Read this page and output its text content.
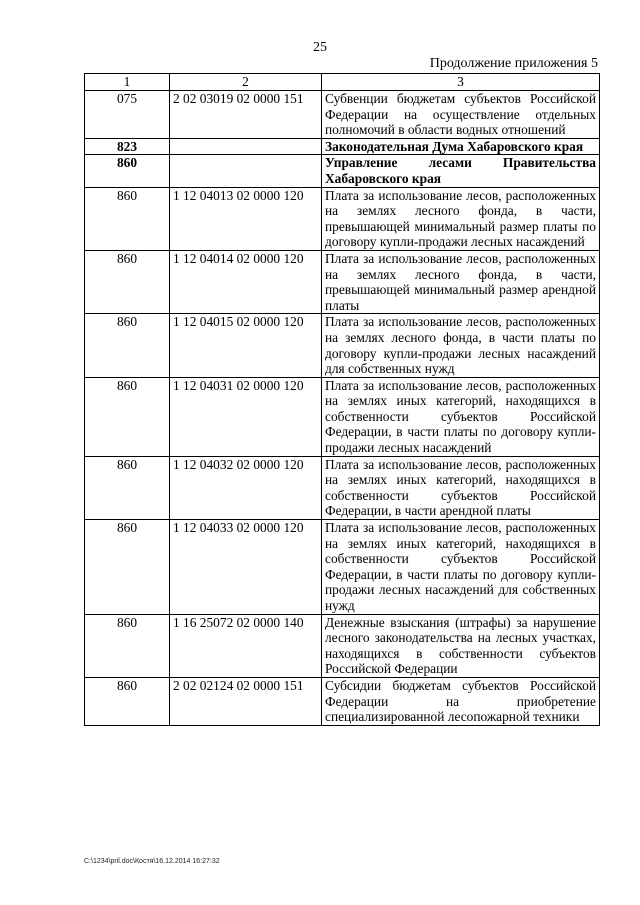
25
Продолжение приложения 5
1	2	3
075	2 02 03019 02 0000 151	Субвенции бюджетам субъектов Российской Федерации на осуществление отдельных полномочий в области водных отношений
823		Законодательная Дума Хабаровского края
860		Управление лесами Правительства Хабаровского края
860	1 12 04013 02 0000 120	Плата за использование лесов, расположенных на землях лесного фонда, в части, превышающей минимальный размер платы по договору купли-продажи лесных насаждений
860	1 12 04014 02 0000 120	Плата за использование лесов, расположенных на землях лесного фонда, в части, превышающей минимальный размер арендной платы
860	1 12 04015 02 0000 120	Плата за использование лесов, расположенных на землях лесного фонда, в части платы по договору купли-продажи лесных насаждений для собственных нужд
860	1 12 04031 02 0000 120	Плата за использование лесов, расположенных на землях иных категорий, находящихся в собственности субъектов Российской Федерации, в части платы по договору купли-продажи лесных насаждений
860	1 12 04032 02 0000 120	Плата за использование лесов, расположенных на землях иных категорий, находящихся в собственности субъектов Российской Федерации, в части арендной платы
860	1 12 04033 02 0000 120	Плата за использование лесов, расположенных на землях иных категорий, находящихся в собственности субъектов Российской Федерации, в части платы по договору купли-продажи лесных насаждений для собственных нужд
860	1 16 25072 02 0000 140	Денежные взыскания (штрафы) за нарушение лесного законодательства на лесных участках, находящихся в собственности субъектов Российской Федерации
860	2 02 02124 02 0000 151	Субсидии бюджетам субъектов Российской Федерации на приобретение специализированной лесопожарной техники
C:\1234\pril.doc\Костя\16.12.2014 16:27:32
